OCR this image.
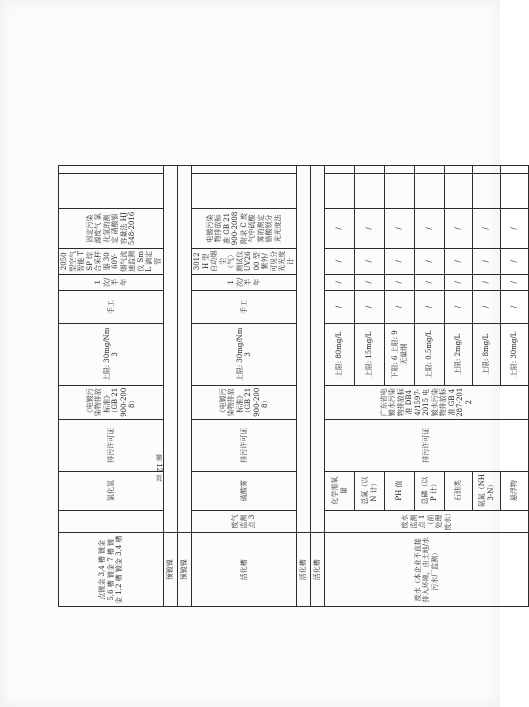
点镀金 3,4 槽 镀金 5,6 槽 镀金 7 槽 镀金 1,2 槽 镀金 3,4 槽		氯化氢	排污许可证	《电镀污染物排放标准》（GB 21900-2008）	上限: 30mg/Nm3	手工	1 次/半年	2050 型空气智能 TSP 综合采样器 3060Y-烟气流速监测仪 SmL 滴定管	固定污染源废气 氯化氢的测定 硝酸银容量法 HJ548-2016		
预镀镍											
预镀镍											
活化槽	废气监测点 3	硫酸雾	排污许可证	《电镀污染物排放标准》（GB 21900-2008）	上限: 30mg/Nm3	手工	1 次/半年	3012H 型自动烟尘（气）测试仪 UV2600 型紫外/可见分光光度计	电镀污染物排放标准 GB 21900-2008 附录 C 废气中硫酸雾的测定 铬酸钡分光光度法		
活化槽											
活化槽											
废水（本企业不直接排入环境，由土地/水污水厂监测）	废水监测点 1（前处理废水）	化学需氧量	排污许可证	广东省电镀水污染物排放标准 DB44/1597-2015 电镀水污染物排放标准 GB 4287-2012	上限: 80mg/L	/	/	/	/		
		总氮（以 N 计）			上限: 15mg/L	/	/	/	/		
		PH 值			下限: 6 上限: 9 无量纲	/	/	/	/		
		总磷（以 P 计）			上限: 0.5mg/L	/	/	/	/		
		石油类			上限: 2mg/L	/	/	/	/		
		氨氮（NH3-N）			上限: 8mg/L	/	/	/	/		
		悬浮物			上限: 30mg/L	/	/	/	/		
第 12 页
